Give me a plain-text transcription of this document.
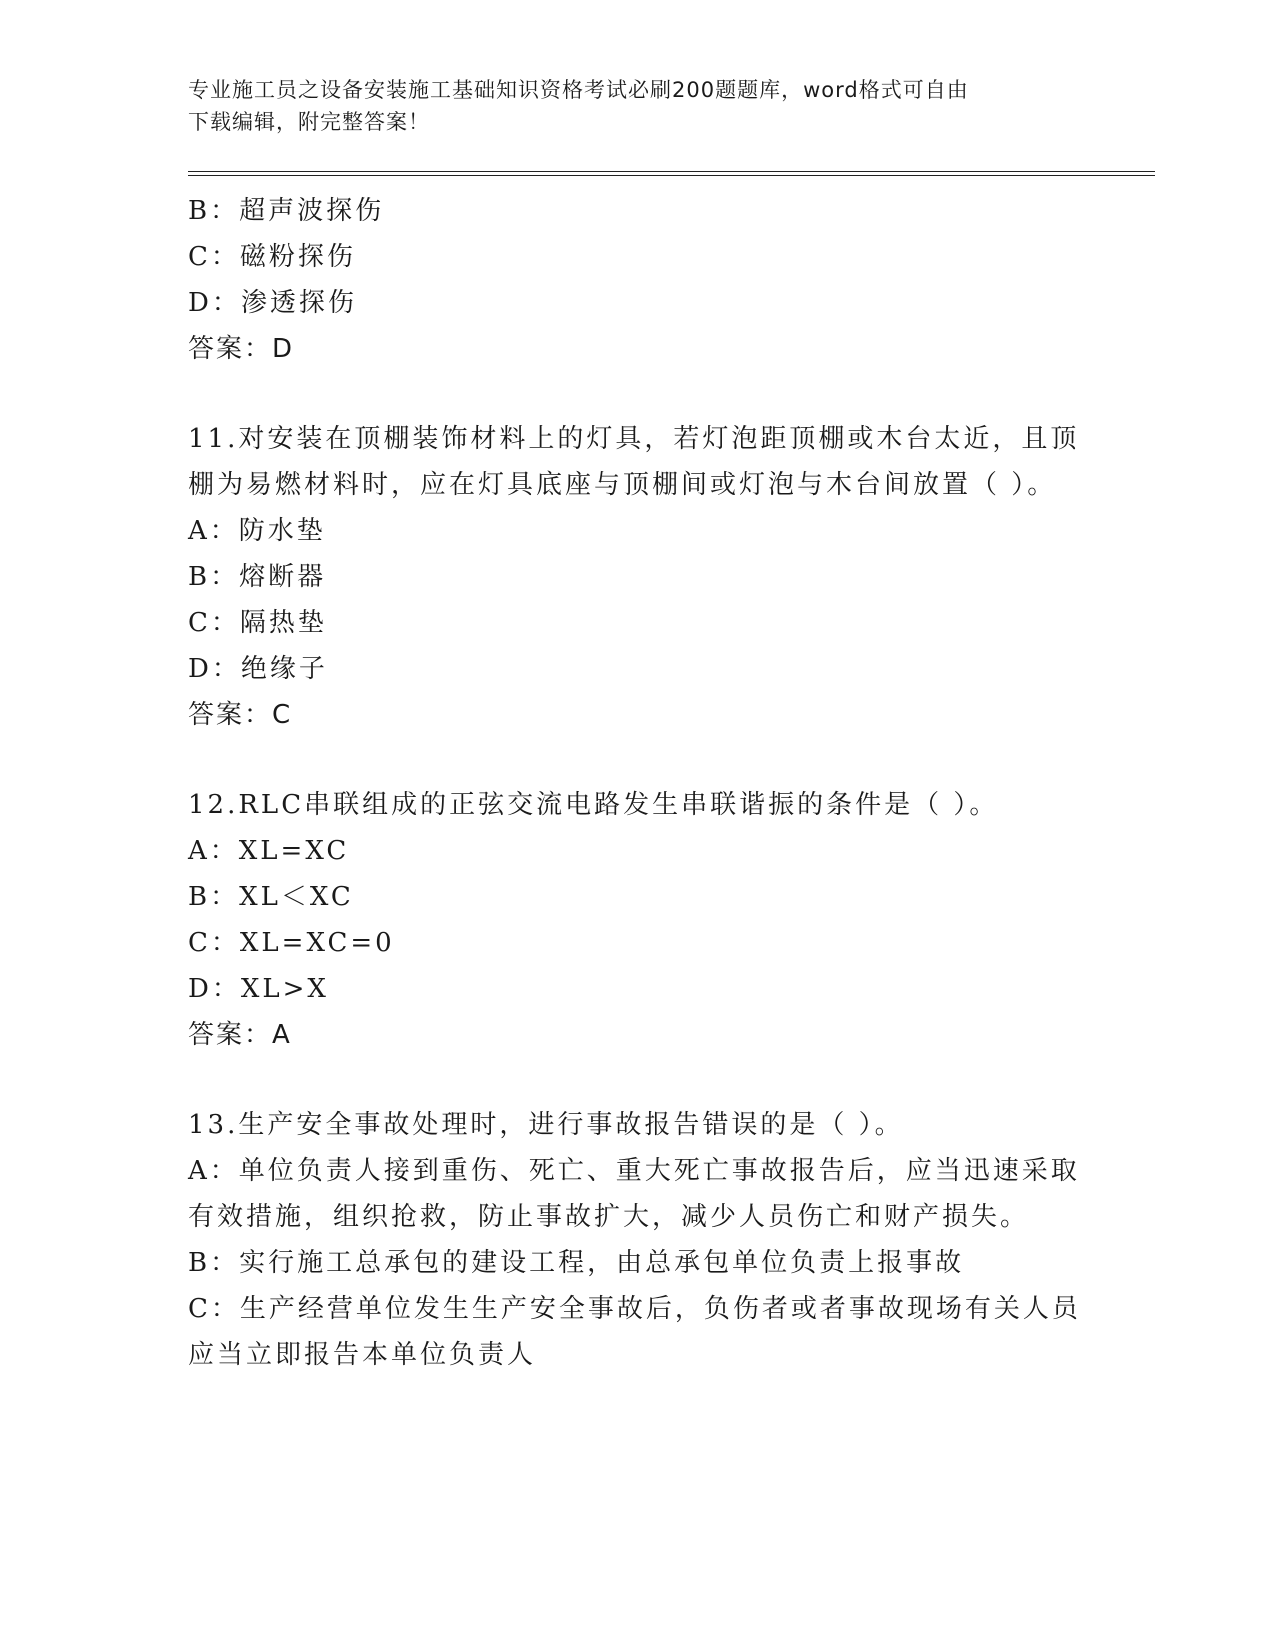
专业施工员之设备安装施工基础知识资格考试必刷200题题库，word格式可自由
下载编辑，附完整答案！
B：超声波探伤
C：磁粉探伤
D：渗透探伤
答案：D
11.对安装在顶棚装饰材料上的灯具，若灯泡距顶棚或木台太近，且顶
棚为易燃材料时，应在灯具底座与顶棚间或灯泡与木台间放置（ ）。
A：防水垫
B：熔断器
C：隔热垫
D：绝缘子
答案：C
12.RLC串联组成的正弦交流电路发生串联谐振的条件是（ ）。
A：XL=XC
B：XL＜XC
C：XL=XC=0
D：XL>X
答案：A
13.生产安全事故处理时，进行事故报告错误的是（ ）。
A：单位负责人接到重伤、死亡、重大死亡事故报告后，应当迅速采取
有效措施，组织抢救，防止事故扩大，减少人员伤亡和财产损失。
B：实行施工总承包的建设工程，由总承包单位负责上报事故
C：生产经营单位发生生产安全事故后，负伤者或者事故现场有关人员
应当立即报告本单位负责人
